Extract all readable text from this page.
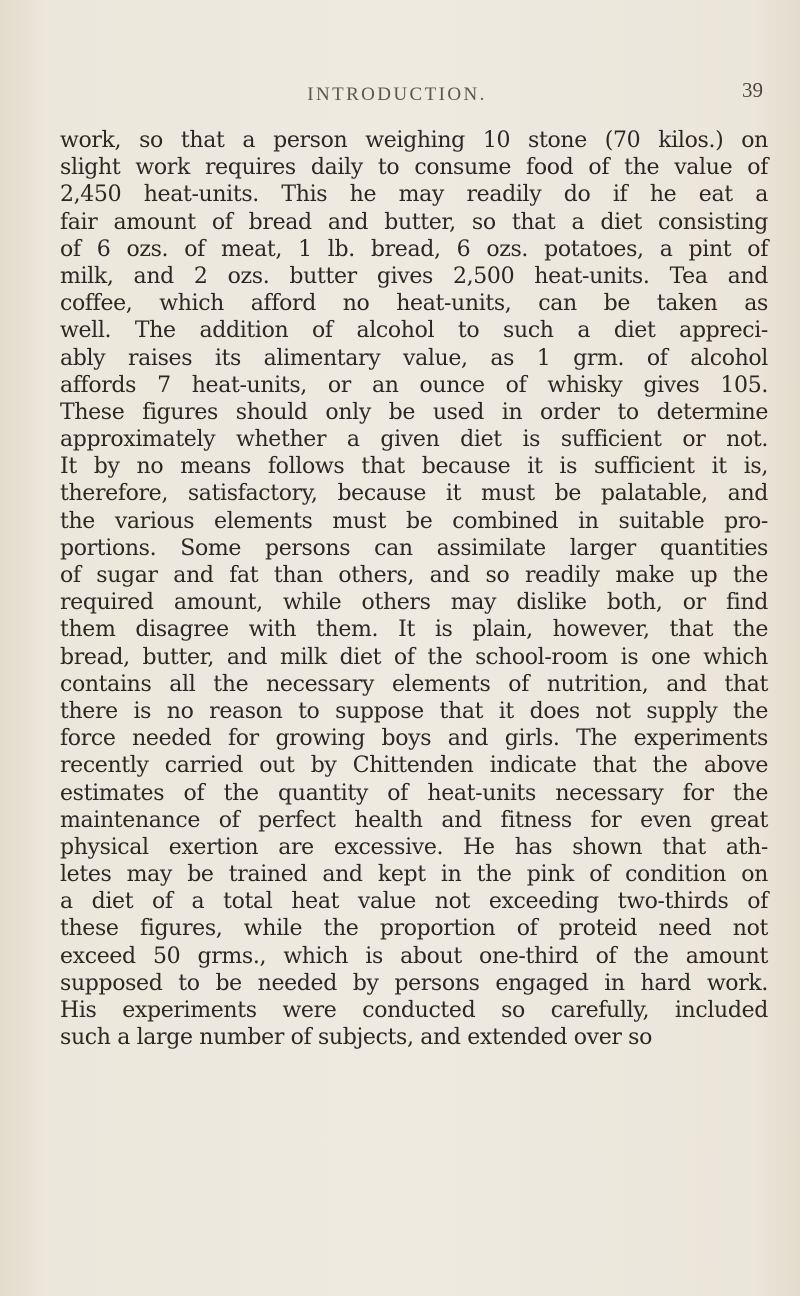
INTRODUCTION.	39
work, so that a person weighing 10 stone (70 kilos.) on
slight work requires daily to consume food of the value of
2,450 heat-units. This he may readily do if he eat a
fair amount of bread and butter, so that a diet consisting
of 6 ozs. of meat, 1 lb. bread, 6 ozs. potatoes, a pint of
milk, and 2 ozs. butter gives 2,500 heat-units. Tea and
coffee, which afford no heat-units, can be taken as
well. The addition of alcohol to such a diet appreci-
ably raises its alimentary value, as 1 grm. of alcohol
affords 7 heat-units, or an ounce of whisky gives 105.
These figures should only be used in order to determine
approximately whether a given diet is sufficient or not.
It by no means follows that because it is sufficient it is,
therefore, satisfactory, because it must be palatable, and
the various elements must be combined in suitable pro-
portions. Some persons can assimilate larger quantities
of sugar and fat than others, and so readily make up the
required amount, while others may dislike both, or find
them disagree with them. It is plain, however, that the
bread, butter, and milk diet of the school-room is one which
contains all the necessary elements of nutrition, and that
there is no reason to suppose that it does not supply the
force needed for growing boys and girls. The experiments
recently carried out by Chittenden indicate that the above
estimates of the quantity of heat-units necessary for the
maintenance of perfect health and fitness for even great
physical exertion are excessive. He has shown that ath-
letes may be trained and kept in the pink of condition on
a diet of a total heat value not exceeding two-thirds of
these figures, while the proportion of proteid need not
exceed 50 grms., which is about one-third of the amount
supposed to be needed by persons engaged in hard work.
His experiments were conducted so carefully, included
such a large number of subjects, and extended over so
